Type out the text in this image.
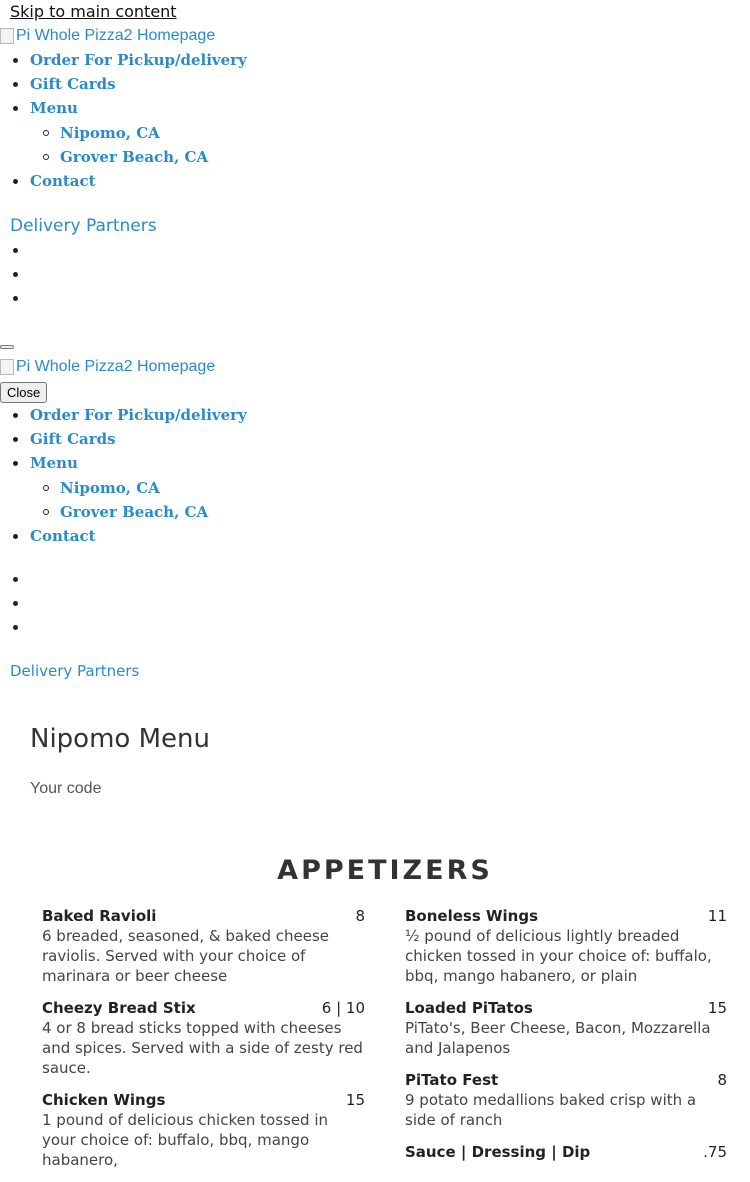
Skip to main content
Pi Whole Pizza2 Homepage
Order For Pickup/delivery
Gift Cards
Menu
Nipomo, CA
Grover Beach, CA
Contact
Delivery Partners
Pi Whole Pizza2 Homepage
Close
Order For Pickup/delivery
Gift Cards
Menu
Nipomo, CA
Grover Beach, CA
Contact
Delivery Partners
Nipomo Menu
Your code
APPETIZERS
Baked Ravioli	8
6 breaded, seasoned, & baked cheese raviolis. Served with your choice of marinara or beer cheese
Cheezy Bread Stix	6 | 10
4 or 8 bread sticks topped with cheeses and spices. Served with a side of zesty red sauce.
Chicken Wings	15
1 pound of delicious chicken tossed in your choice of: buffalo, bbq, mango habanero,
Boneless Wings	11
½ pound of delicious lightly breaded chicken tossed in your choice of: buffalo, bbq, mango habanero, or plain
Loaded PiTatos	15
PiTato's, Beer Cheese, Bacon, Mozzarella and Jalapenos
PiTato Fest	8
9 potato medallions baked crisp with a side of ranch
Sauce | Dressing | Dip	.75
